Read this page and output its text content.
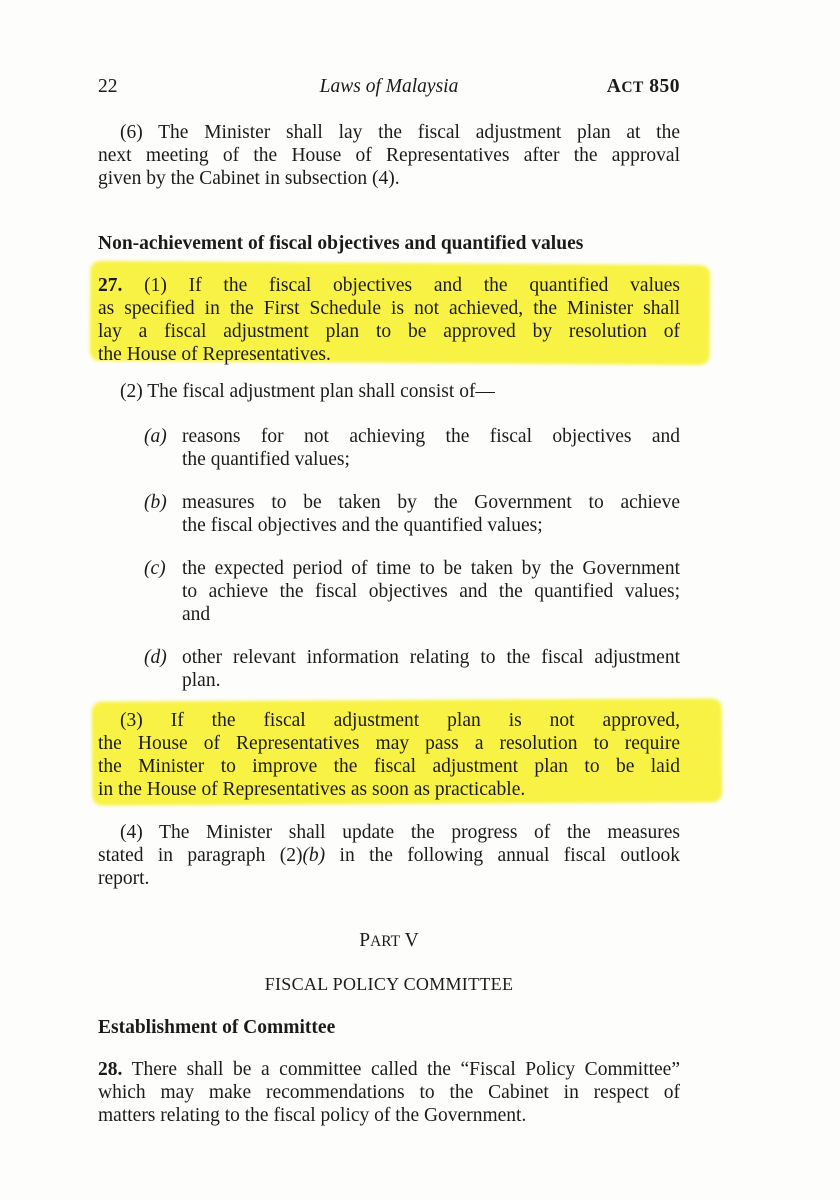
22	Laws of Malaysia	ACT 850
(6) The Minister shall lay the fiscal adjustment plan at the
next meeting of the House of Representatives after the approval
given by the Cabinet in subsection (4).
Non-achievement of fiscal objectives and quantified values
27. (1) If the fiscal objectives and the quantified values
as specified in the First Schedule is not achieved, the Minister shall
lay a fiscal adjustment plan to be approved by resolution of
the House of Representatives.
(2) The fiscal adjustment plan shall consist of—
(a) reasons for not achieving the fiscal objectives and
the quantified values;
(b) measures to be taken by the Government to achieve
the fiscal objectives and the quantified values;
(c) the expected period of time to be taken by the Government
to achieve the fiscal objectives and the quantified values;
and
(d) other relevant information relating to the fiscal adjustment
plan.
(3) If the fiscal adjustment plan is not approved,
the House of Representatives may pass a resolution to require
the Minister to improve the fiscal adjustment plan to be laid
in the House of Representatives as soon as practicable.
(4) The Minister shall update the progress of the measures
stated in paragraph (2)(b) in the following annual fiscal outlook
report.
PART V
FISCAL POLICY COMMITTEE
Establishment of Committee
28. There shall be a committee called the “Fiscal Policy Committee”
which may make recommendations to the Cabinet in respect of
matters relating to the fiscal policy of the Government.
